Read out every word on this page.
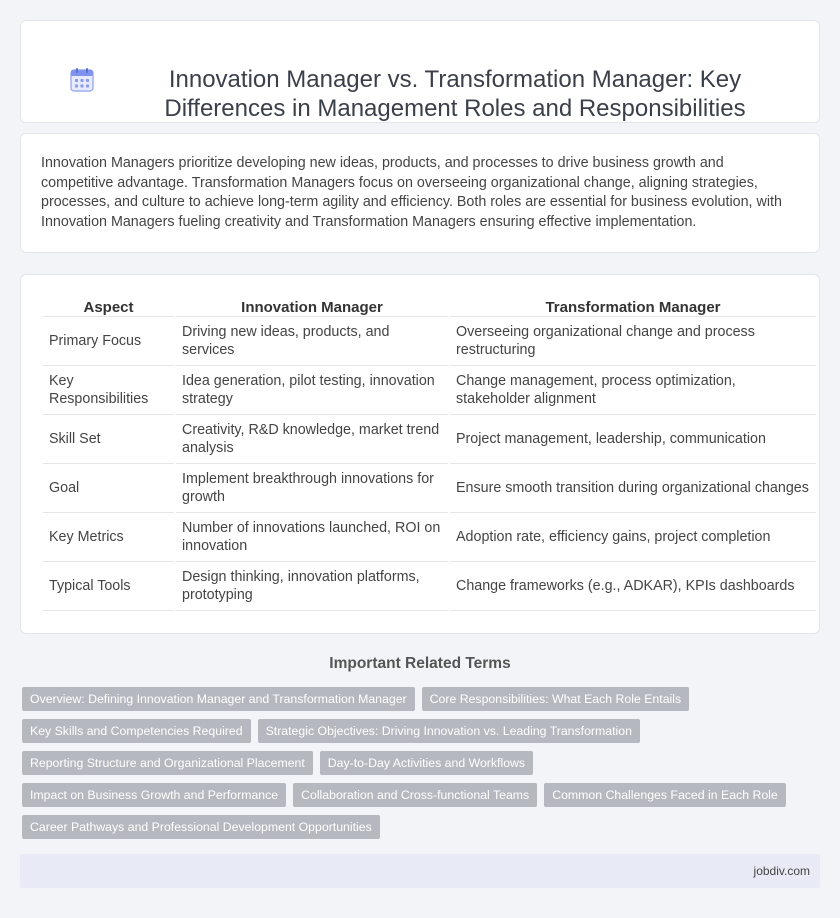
Innovation Manager vs. Transformation Manager: Key Differences in Management Roles and Responsibilities

Innovation Managers prioritize developing new ideas, products, and processes to drive business growth and competitive advantage. Transformation Managers focus on overseeing organizational change, aligning strategies, processes, and culture to achieve long-term agility and efficiency. Both roles are essential for business evolution, with Innovation Managers fueling creativity and Transformation Managers ensuring effective implementation.

Aspect	Innovation Manager	Transformation Manager
Primary Focus	Driving new ideas, products, and services	Overseeing organizational change and process restructuring
Key Responsibilities	Idea generation, pilot testing, innovation strategy	Change management, process optimization, stakeholder alignment
Skill Set	Creativity, R&D knowledge, market trend analysis	Project management, leadership, communication
Goal	Implement breakthrough innovations for growth	Ensure smooth transition during organizational changes
Key Metrics	Number of innovations launched, ROI on innovation	Adoption rate, efficiency gains, project completion
Typical Tools	Design thinking, innovation platforms, prototyping	Change frameworks (e.g., ADKAR), KPIs dashboards
Important Related Terms
Overview: Defining Innovation Manager and Transformation Manager	Core Responsibilities: What Each Role Entails
Key Skills and Competencies Required	Strategic Objectives: Driving Innovation vs. Leading Transformation
Reporting Structure and Organizational Placement	Day-to-Day Activities and Workflows
Impact on Business Growth and Performance	Collaboration and Cross-functional Teams	Common Challenges Faced in Each Role
Career Pathways and Professional Development Opportunities
jobdiv.com
